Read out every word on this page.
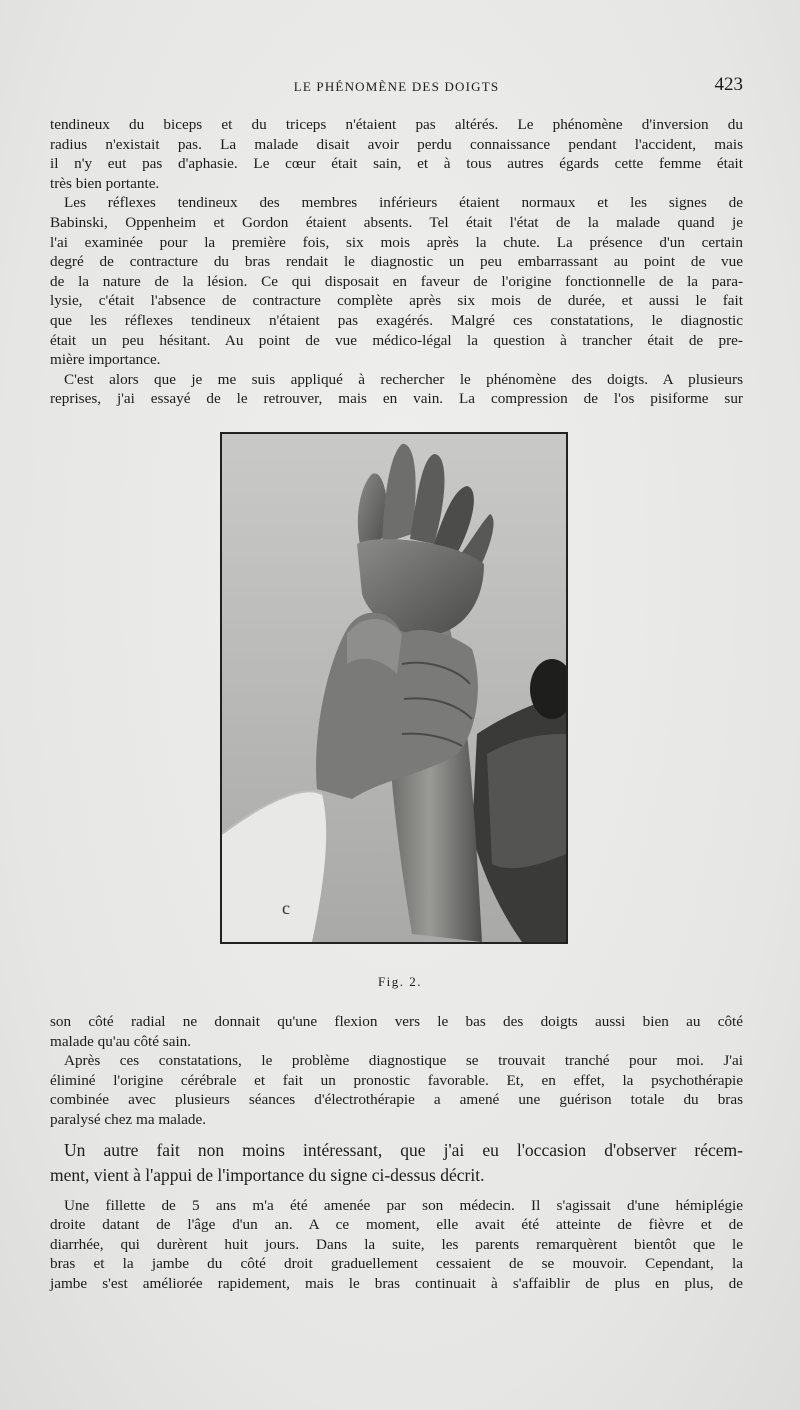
LE PHÉNOMÈNE DES DOIGTS	423
tendineux du biceps et du triceps n'étaient pas altérés. Le phénomène d'inversion du
radius n'existait pas. La malade disait avoir perdu connaissance pendant l'accident, mais
il n'y eut pas d'aphasie. Le cœur était sain, et à tous autres égards cette femme était
très bien portante.
Les réflexes tendineux des membres inférieurs étaient normaux et les signes de
Babinski, Oppenheim et Gordon étaient absents. Tel était l'état de la malade quand je
l'ai examinée pour la première fois, six mois après la chute. La présence d'un certain
degré de contracture du bras rendait le diagnostic un peu embarrassant au point de vue
de la nature de la lésion. Ce qui disposait en faveur de l'origine fonctionnelle de la para-
lysie, c'était l'absence de contracture complète après six mois de durée, et aussi le fait
que les réflexes tendineux n'étaient pas exagérés. Malgré ces constatations, le diagnostic
était un peu hésitant. Au point de vue médico-légal la question à trancher était de pre-
mière importance.
C'est alors que je me suis appliqué à rechercher le phénomène des doigts. A plusieurs
reprises, j'ai essayé de le retrouver, mais en vain. La compression de l'os pisiforme sur
c
Fig. 2.
son côté radial ne donnait qu'une flexion vers le bas des doigts aussi bien au côté
malade qu'au côté sain.
Après ces constatations, le problème diagnostique se trouvait tranché pour moi. J'ai
éliminé l'origine cérébrale et fait un pronostic favorable. Et, en effet, la psychothérapie
combinée avec plusieurs séances d'électrothérapie a amené une guérison totale du bras
paralysé chez ma malade.
Un autre fait non moins intéressant, que j'ai eu l'occasion d'observer récem-
ment, vient à l'appui de l'importance du signe ci-dessus décrit.
Une fillette de 5 ans m'a été amenée par son médecin. Il s'agissait d'une hémiplégie
droite datant de l'âge d'un an. A ce moment, elle avait été atteinte de fièvre et de
diarrhée, qui durèrent huit jours. Dans la suite, les parents remarquèrent bientôt que le
bras et la jambe du côté droit graduellement cessaient de se mouvoir. Cependant, la
jambe s'est améliorée rapidement, mais le bras continuait à s'affaiblir de plus en plus, de
